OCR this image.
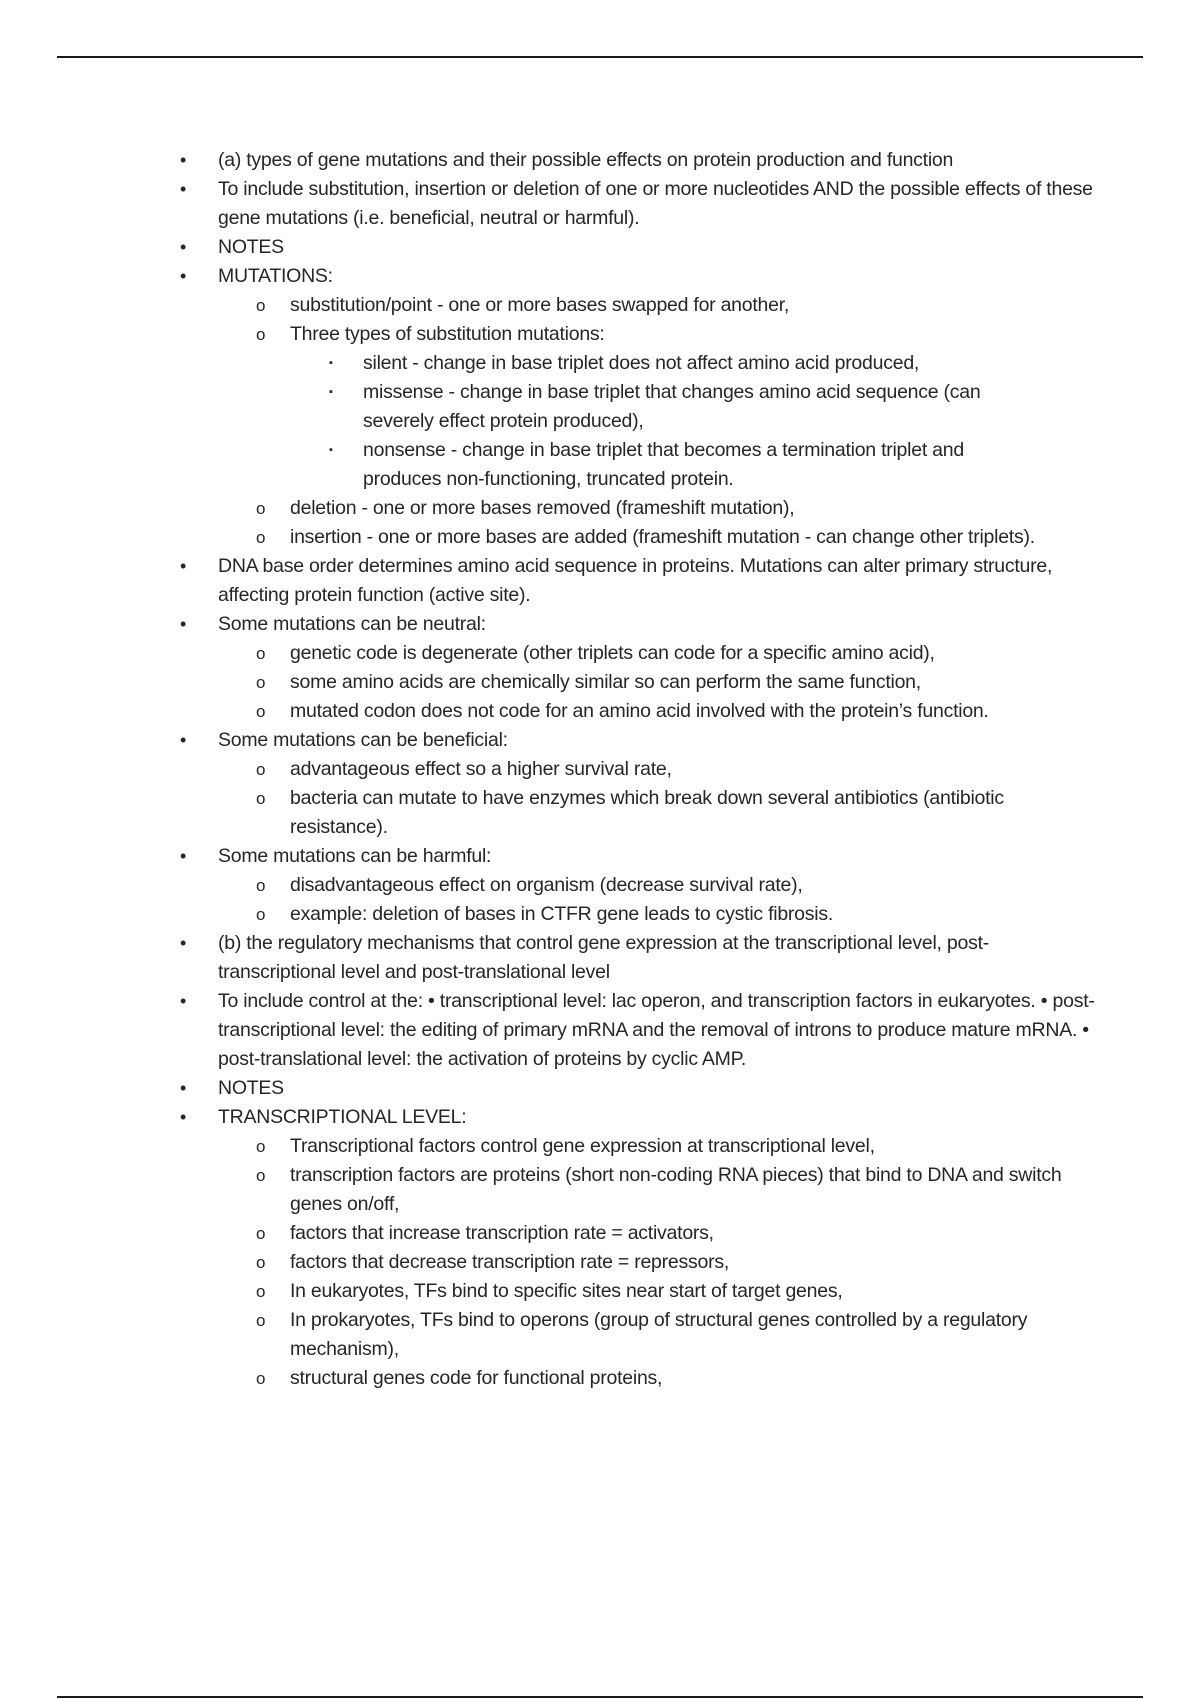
• (a) types of gene mutations and their possible effects on protein production and function
• To include substitution, insertion or deletion of one or more nucleotides AND the possible effects of these gene mutations (i.e. beneficial, neutral or harmful).
• NOTES
• MUTATIONS:
o substitution/point - one or more bases swapped for another,
o Three types of substitution mutations:
▪ silent - change in base triplet does not affect amino acid produced,
▪ missense - change in base triplet that changes amino acid sequence (can severely effect protein produced),
▪ nonsense - change in base triplet that becomes a termination triplet and produces non-functioning, truncated protein.
o deletion - one or more bases removed (frameshift mutation),
o insertion - one or more bases are added (frameshift mutation - can change other triplets).
• DNA base order determines amino acid sequence in proteins. Mutations can alter primary structure, affecting protein function (active site).
• Some mutations can be neutral:
o genetic code is degenerate (other triplets can code for a specific amino acid),
o some amino acids are chemically similar so can perform the same function,
o mutated codon does not code for an amino acid involved with the protein’s function.
• Some mutations can be beneficial:
o advantageous effect so a higher survival rate,
o bacteria can mutate to have enzymes which break down several antibiotics (antibiotic resistance).
• Some mutations can be harmful:
o disadvantageous effect on organism (decrease survival rate),
o example: deletion of bases in CTFR gene leads to cystic fibrosis.
• (b) the regulatory mechanisms that control gene expression at the transcriptional level, post-transcriptional level and post-translational level
• To include control at the: • transcriptional level: lac operon, and transcription factors in eukaryotes. • post-transcriptional level: the editing of primary mRNA and the removal of introns to produce mature mRNA. • post-translational level: the activation of proteins by cyclic AMP.
• NOTES
• TRANSCRIPTIONAL LEVEL:
o Transcriptional factors control gene expression at transcriptional level,
o transcription factors are proteins (short non-coding RNA pieces) that bind to DNA and switch genes on/off,
o factors that increase transcription rate = activators,
o factors that decrease transcription rate = repressors,
o In eukaryotes, TFs bind to specific sites near start of target genes,
o In prokaryotes, TFs bind to operons (group of structural genes controlled by a regulatory mechanism),
o structural genes code for functional proteins,
